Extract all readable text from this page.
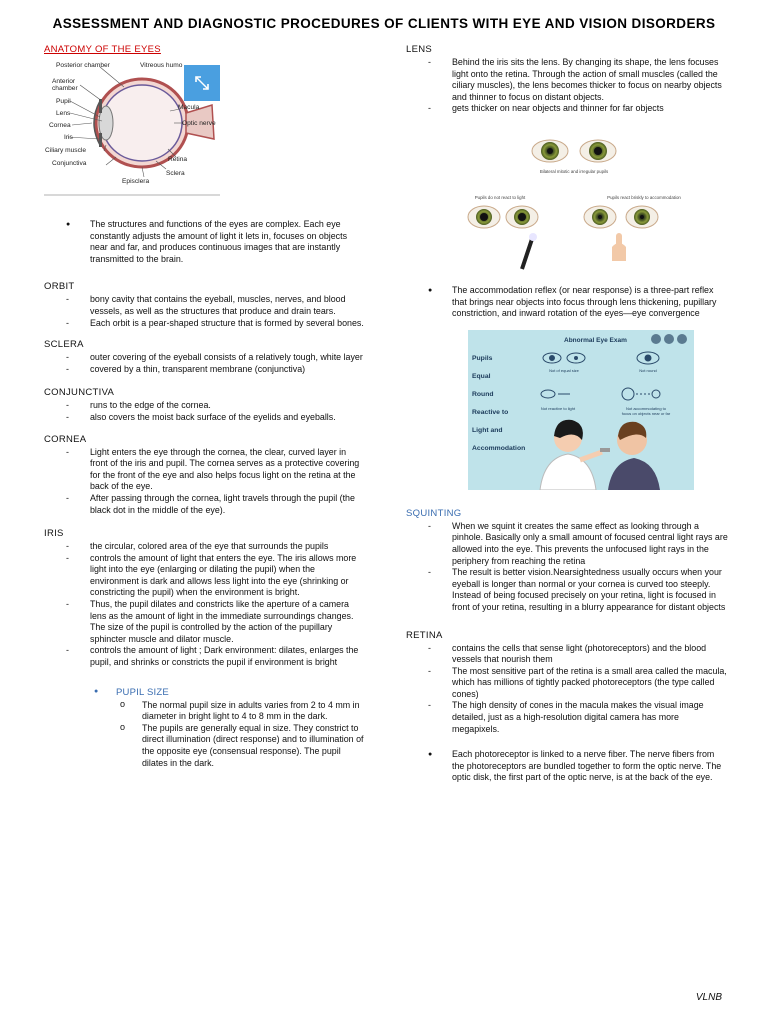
ASSESSMENT AND DIAGNOSTIC PROCEDURES OF CLIENTS WITH EYE AND VISION DISORDERS
ANATOMY OF THE EYES
Posterior chamber	Vitreous humo
Anterior
chamber
Pupil
Lens
Cornea
Iris
Ciliary muscle
Conjunctiva
Episclera
Sclera
Retina
Optic nerve
Macula
● The structures and functions of the eyes are complex. Each eye constantly adjusts the amount of light it lets in, focuses on objects near and far, and produces continuous images that are instantly transmitted to the brain.
ORBIT
- bony cavity that contains the eyeball, muscles, nerves, and blood vessels, as well as the structures that produce and drain tears.
- Each orbit is a pear-shaped structure that is formed by several bones.
SCLERA
- outer covering of the eyeball consists of a relatively tough, white layer
- covered by a thin, transparent membrane (conjunctiva)
CONJUNCTIVA
- runs to the edge of the cornea.
- also covers the moist back surface of the eyelids and eyeballs.
CORNEA
- Light enters the eye through the cornea, the clear, curved layer in front of the iris and pupil. The cornea serves as a protective covering for the front of the eye and also helps focus light on the retina at the back of the eye.
- After passing through the cornea, light travels through the pupil (the black dot in the middle of the eye).
IRIS
- the circular, colored area of the eye that surrounds the pupils
- controls the amount of light that enters the eye. The iris allows more light into the eye (enlarging or dilating the pupil) when the environment is dark and allows less light into the eye (shrinking or constricting the pupil) when the environment is bright.
- Thus, the pupil dilates and constricts like the aperture of a camera lens as the amount of light in the immediate surroundings changes. The size of the pupil is controlled by the action of the pupillary sphincter muscle and dilator muscle.
- controls the amount of light ; Dark environment: dilates, enlarges the pupil, and shrinks or constricts the pupil if environment is bright
● PUPIL SIZE
o The normal pupil size in adults varies from 2 to 4 mm in diameter in bright light to 4 to 8 mm in the dark.
o The pupils are generally equal in size. They constrict to direct illumination (direct response) and to illumination of the opposite eye (consensual response). The pupil dilates in the dark.
LENS
- Behind the iris sits the lens. By changing its shape, the lens focuses light onto the retina. Through the action of small muscles (called the ciliary muscles), the lens becomes thicker to focus on nearby objects and thinner to focus on distant objects.
- gets thicker on near objects and thinner for far objects
Bilateral mitotic and irregular pupils
Pupils do not react to light	Pupils react briskly to accommodation
● The accommodation reflex (or near response) is a three-part reflex that brings near objects into focus through lens thickening, pupillary constriction, and inward rotation of the eyes—eye convergence
Abnormal Eye Exam
Pupils
Equal
Round
Reactive to
Light and
Accommodation
Not of equal size	Not round
Not reactive to light	Not accommodating to
focus on objects near or far
SQUINTING
- When we squint it creates the same effect as looking through a pinhole. Basically only a small amount of focused central light rays are allowed into the eye. This prevents the unfocused light rays in the periphery from reaching the retina
- The result is better vision.Nearsightedness usually occurs when your eyeball is longer than normal or your cornea is curved too steeply. Instead of being focused precisely on your retina, light is focused in front of your retina, resulting in a blurry appearance for distant objects
RETINA
- contains the cells that sense light (photoreceptors) and the blood vessels that nourish them
- The most sensitive part of the retina is a small area called the macula, which has millions of tightly packed photoreceptors (the type called cones)
- The high density of cones in the macula makes the visual image detailed, just as a high-resolution digital camera has more megapixels.
● Each photoreceptor is linked to a nerve fiber. The nerve fibers from the photoreceptors are bundled together to form the optic nerve. The optic disk, the first part of the optic nerve, is at the back of the eye.
VLNB
